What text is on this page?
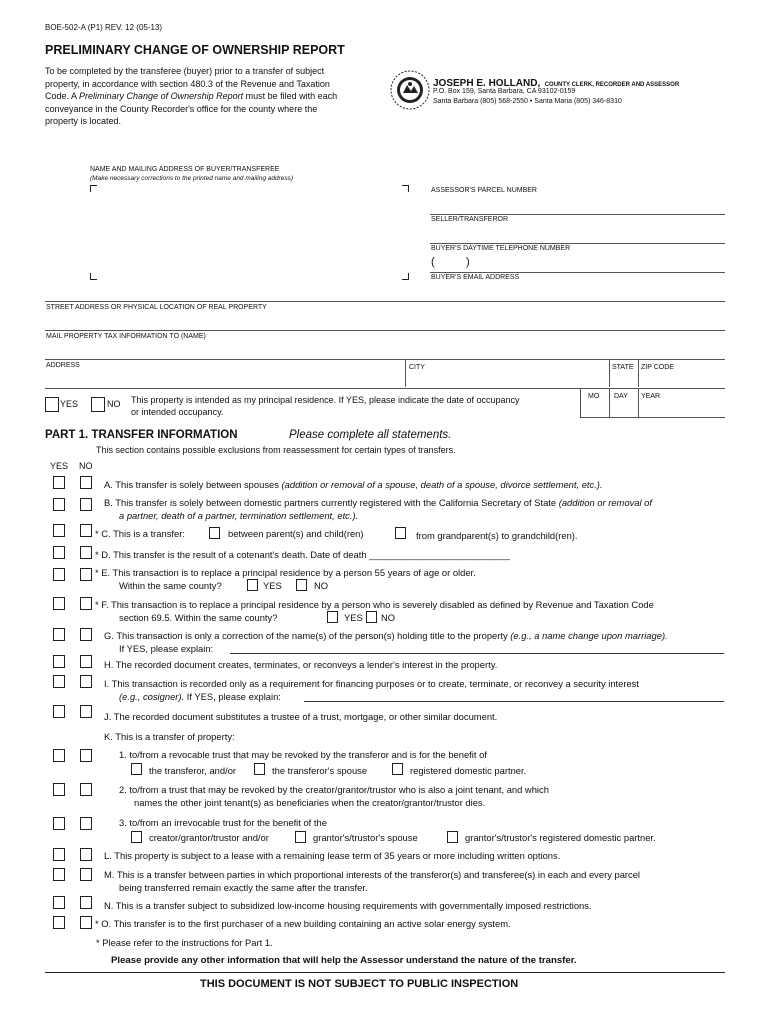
BOE-502-A (P1) REV. 12 (05-13)
PRELIMINARY CHANGE OF OWNERSHIP REPORT
To be completed by the transferee (buyer) prior to a transfer of subject
property, in accordance with section 480.3 of the Revenue and Taxation
Code. A Preliminary Change of Ownership Report must be filed with each
conveyance in the County Recorder's office for the county where the
property is located.
JOSEPH E. HOLLAND, COUNTY CLERK, RECORDER AND ASSESSOR
P.O. Box 159, Santa Barbara, CA 93102-0159
Santa Barbara (805) 568-2550 • Santa Maria (805) 346-8310
NAME AND MAILING ADDRESS OF BUYER/TRANSFEREE
(Make necessary corrections to the printed name and mailing address)
ASSESSOR'S PARCEL NUMBER
SELLER/TRANSFEROR
BUYER'S DAYTIME TELEPHONE NUMBER
(	)
BUYER'S EMAIL ADDRESS
STREET ADDRESS OR PHYSICAL LOCATION OF REAL PROPERTY
MAIL PROPERTY TAX INFORMATION TO (NAME)
ADDRESS	CITY	STATE ZIP CODE
YES	NO This property is intended as my principal residence. If YES, please indicate the date of occupancy
or intended occupancy.
MO DAY YEAR
PART 1. TRANSFER INFORMATION	Please complete all statements.
This section contains possible exclusions from reassessment for certain types of transfers.
YES NO
A. This transfer is solely between spouses (addition or removal of a spouse, death of a spouse, divorce settlement, etc.).
B. This transfer is solely between domestic partners currently registered with the California Secretary of State (addition or removal of
a partner, death of a partner, termination settlement, etc.).
* C. This is a transfer:	between parent(s) and child(ren)	from grandparent(s) to grandchild(ren).
* D. This transfer is the result of a cotenant's death. Date of death ___________________________
* E. This transaction is to replace a principal residence by a person 55 years of age or older.
Within the same county?	YES	NO
* F. This transaction is to replace a principal residence by a person who is severely disabled as defined by Revenue and Taxation Code
section 69.5. Within the same county?	YES NO
G. This transaction is only a correction of the name(s) of the person(s) holding title to the property (e.g., a name change upon marriage).
If YES, please explain:
H. The recorded document creates, terminates, or reconveys a lender's interest in the property.
I. This transaction is recorded only as a requirement for financing purposes or to create, terminate, or reconvey a security interest
(e.g., cosigner). If YES, please explain:
J. The recorded document substitutes a trustee of a trust, mortgage, or other similar document.
K. This is a transfer of property:
1. to/from a revocable trust that may be revoked by the transferor and is for the benefit of
the transferor, and/or	the transferor's spouse	registered domestic partner.
2. to/from a trust that may be revoked by the creator/grantor/trustor who is also a joint tenant, and which
names the other joint tenant(s) as beneficiaries when the creator/grantor/trustor dies.
3. to/from an irrevocable trust for the benefit of the
creator/grantor/trustor and/or	grantor's/trustor's spouse	grantor's/trustor's registered domestic partner.
L. This property is subject to a lease with a remaining lease term of 35 years or more including written options.
M. This is a transfer between parties in which proportional interests of the transferor(s) and transferee(s) in each and every parcel
being transferred remain exactly the same after the transfer.
N. This is a transfer subject to subsidized low-income housing requirements with governmentally imposed restrictions.
* O. This transfer is to the first purchaser of a new building containing an active solar energy system.
* Please refer to the instructions for Part 1.
Please provide any other information that will help the Assessor understand the nature of the transfer.
THIS DOCUMENT IS NOT SUBJECT TO PUBLIC INSPECTION
